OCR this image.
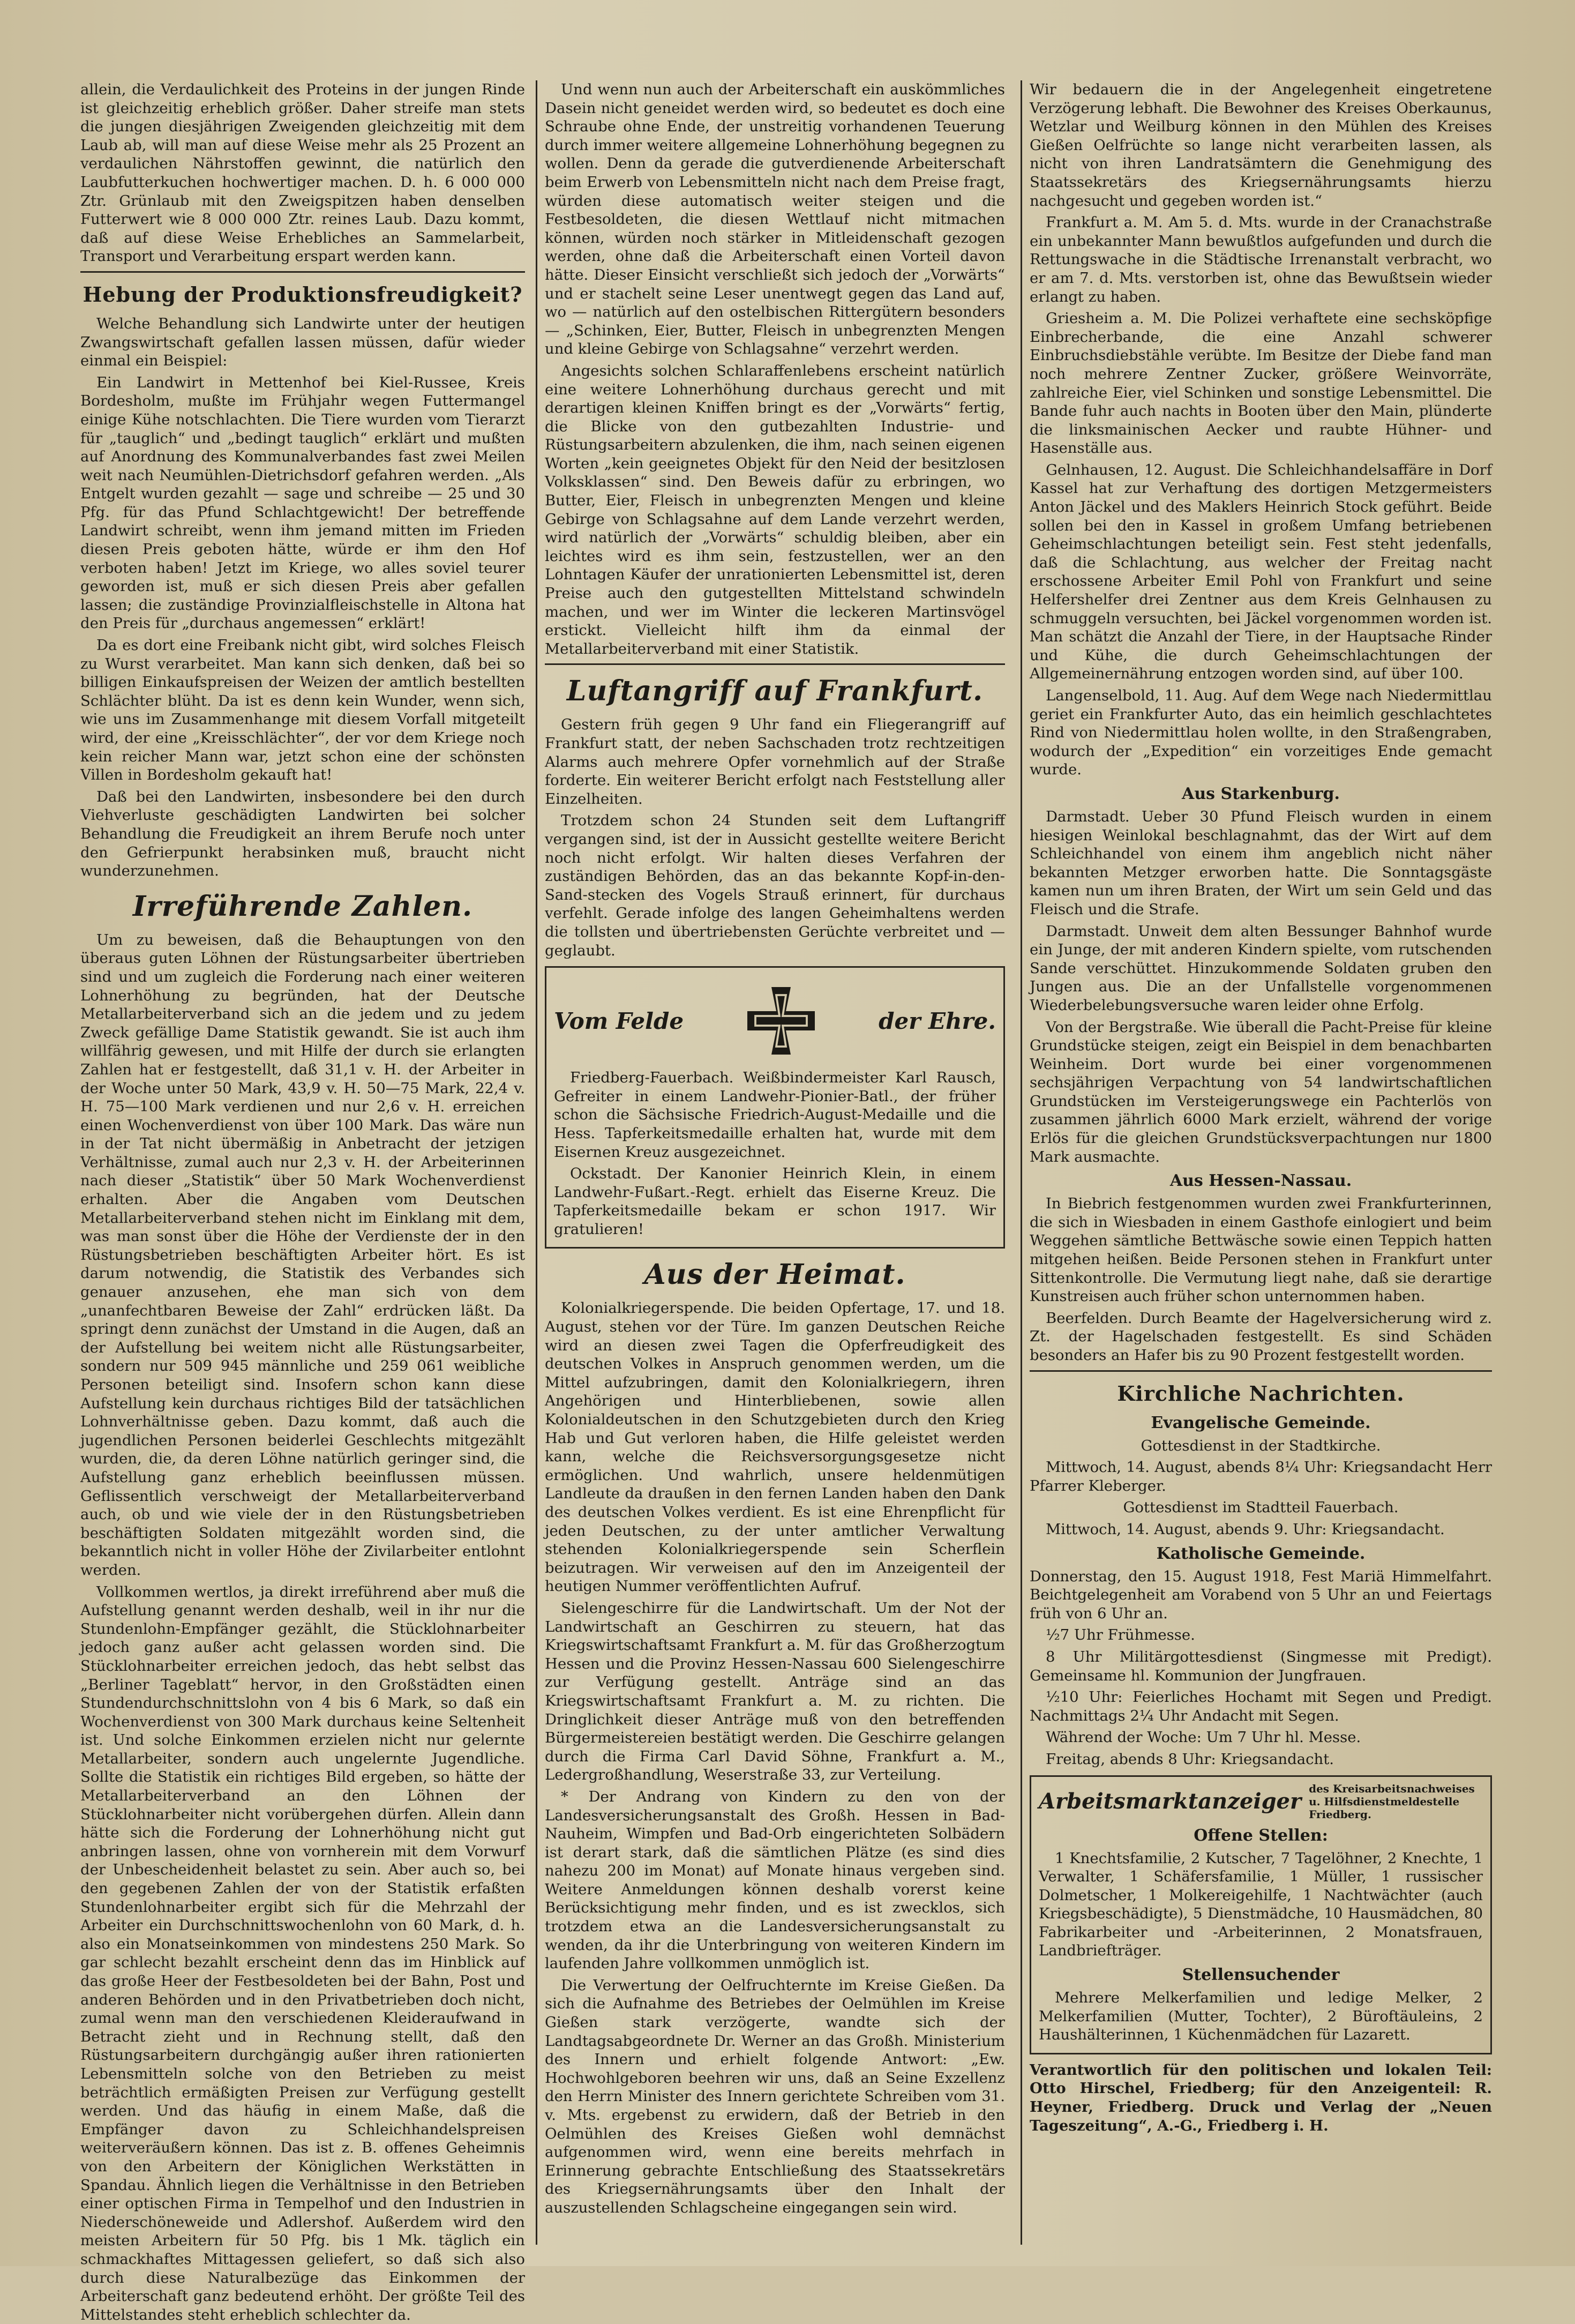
allein, die Verdaulichkeit des Proteins in der jungen Rinde ist gleichzeitig erheblich größer. Daher streife man stets die jungen diesjährigen Zweigenden gleichzeitig mit dem Laub ab, will man auf diese Weise mehr als 25 Prozent an verdaulichen Nährstoffen gewinnt, die natürlich den Laubfutterkuchen hochwertiger machen. D. h. 6 000 000 Ztr. Grünlaub mit den Zweigspitzen haben denselben Futterwert wie 8 000 000 Ztr. reines Laub. Dazu kommt, daß auf diese Weise Erhebliches an Sammelarbeit, Transport und Verarbeitung erspart werden kann.

Hebung der Produktionsfreudigkeit?

Welche Behandlung sich Landwirte unter der heutigen Zwangswirtschaft gefallen lassen müssen, dafür wieder einmal ein Beispiel:

Ein Landwirt in Mettenhof bei Kiel-Russee, Kreis Bordesholm, mußte im Frühjahr wegen Futtermangel einige Kühe notschlachten. Die Tiere wurden vom Tierarzt für „tauglich“ und „bedingt tauglich“ erklärt und mußten auf Anordnung des Kommunalverbandes fast zwei Meilen weit nach Neumühlen-Dietrichsdorf gefahren werden. „Als Entgelt wurden gezahlt — sage und schreibe — 25 und 30 Pfg. für das Pfund Schlachtgewicht! Der betreffende Landwirt schreibt, wenn ihm jemand mitten im Frieden diesen Preis geboten hätte, würde er ihm den Hof verboten haben! Jetzt im Kriege, wo alles soviel teurer geworden ist, muß er sich diesen Preis aber gefallen lassen; die zuständige Provinzialfleischstelle in Altona hat den Preis für „durchaus angemessen“ erklärt!

Da es dort eine Freibank nicht gibt, wird solches Fleisch zu Wurst verarbeitet. Man kann sich denken, daß bei so billigen Einkaufspreisen der Weizen der amtlich bestellten Schlächter blüht. Da ist es denn kein Wunder, wenn sich, wie uns im Zusammenhange mit diesem Vorfall mitgeteilt wird, der eine „Kreisschlächter“, der vor dem Kriege noch kein reicher Mann war, jetzt schon eine der schönsten Villen in Bordesholm gekauft hat!

Daß bei den Landwirten, insbesondere bei den durch Viehverluste geschädigten Landwirten bei solcher Behandlung die Freudigkeit an ihrem Berufe noch unter den Gefrierpunkt herabsinken muß, braucht nicht wunderzunehmen.

Irreführende Zahlen.

Um zu beweisen, daß die Behauptungen von den überaus guten Löhnen der Rüstungsarbeiter übertrieben sind und um zugleich die Forderung nach einer weiteren Lohnerhöhung zu begründen, hat der Deutsche Metallarbeiterverband sich an die jedem und zu jedem Zweck gefällige Dame Statistik gewandt. Sie ist auch ihm willfährig gewesen, und mit Hilfe der durch sie erlangten Zahlen hat er festgestellt, daß 31,1 v. H. der Arbeiter in der Woche unter 50 Mark, 43,9 v. H. 50—75 Mark, 22,4 v. H. 75—100 Mark verdienen und nur 2,6 v. H. erreichen einen Wochenverdienst von über 100 Mark. Das wäre nun in der Tat nicht übermäßig in Anbetracht der jetzigen Verhältnisse, zumal auch nur 2,3 v. H. der Arbeiterinnen nach dieser „Statistik“ über 50 Mark Wochenverdienst erhalten. Aber die Angaben vom Deutschen Metallarbeiterverband stehen nicht im Einklang mit dem, was man sonst über die Höhe der Verdienste der in den Rüstungsbetrieben beschäftigten Arbeiter hört. Es ist darum notwendig, die Statistik des Verbandes sich genauer anzusehen, ehe man sich von dem „unanfechtbaren Beweise der Zahl“ erdrücken läßt. Da springt denn zunächst der Umstand in die Augen, daß an der Aufstellung bei weitem nicht alle Rüstungsarbeiter, sondern nur 509 945 männliche und 259 061 weibliche Personen beteiligt sind. Insofern schon kann diese Aufstellung kein durchaus richtiges Bild der tatsächlichen Lohnverhältnisse geben. Dazu kommt, daß auch die jugendlichen Personen beiderlei Geschlechts mitgezählt wurden, die, da deren Löhne natürlich geringer sind, die Aufstellung ganz erheblich beeinflussen müssen. Geflissentlich verschweigt der Metallarbeiterverband auch, ob und wie viele der in den Rüstungsbetrieben beschäftigten Soldaten mitgezählt worden sind, die bekanntlich nicht in voller Höhe der Zivilarbeiter entlohnt werden.

Vollkommen wertlos, ja direkt irreführend aber muß die Aufstellung genannt werden deshalb, weil in ihr nur die Stundenlohn-Empfänger gezählt, die Stücklohnarbeiter jedoch ganz außer acht gelassen worden sind. Die Stücklohnarbeiter erreichen jedoch, das hebt selbst das „Berliner Tageblatt“ hervor, in den Großstädten einen Stundendurchschnittslohn von 4 bis 6 Mark, so daß ein Wochenverdienst von 300 Mark durchaus keine Seltenheit ist. Und solche Einkommen erzielen nicht nur gelernte Metallarbeiter, sondern auch ungelernte Jugendliche. Sollte die Statistik ein richtiges Bild ergeben, so hätte der Metallarbeiterverband an den Löhnen der Stücklohnarbeiter nicht vorübergehen dürfen. Allein dann hätte sich die Forderung der Lohnerhöhung nicht gut anbringen lassen, ohne von vornherein mit dem Vorwurf der Unbescheidenheit belastet zu sein. Aber auch so, bei den gegebenen Zahlen der von der Statistik erfaßten Stundenlohnarbeiter ergibt sich für die Mehrzahl der Arbeiter ein Durchschnittswochenlohn von 60 Mark, d. h. also ein Monatseinkommen von mindestens 250 Mark. So gar schlecht bezahlt erscheint denn das im Hinblick auf das große Heer der Festbesoldeten bei der Bahn, Post und anderen Behörden und in den Privatbetrieben doch nicht, zumal wenn man den verschiedenen Kleideraufwand in Betracht zieht und in Rechnung stellt, daß den Rüstungsarbeitern durchgängig außer ihren rationierten Lebensmitteln solche von den Betrieben zu meist beträchtlich ermäßigten Preisen zur Verfügung gestellt werden. Und das häufig in einem Maße, daß die Empfänger davon zu Schleichhandelspreisen weiterveräußern können. Das ist z. B. offenes Geheimnis von den Arbeitern der Königlichen Werkstätten in Spandau. Ähnlich liegen die Verhältnisse in den Betrieben einer optischen Firma in Tempelhof und den Industrien in Niederschöneweide und Adlershof. Außerdem wird den meisten Arbeitern für 50 Pfg. bis 1 Mk. täglich ein schmackhaftes Mittagessen geliefert, so daß sich also durch diese Naturalbezüge das Einkommen der Arbeiterschaft ganz bedeutend erhöht. Der größte Teil des Mittelstandes steht erheblich schlechter da.

Und wenn nun auch der Arbeiterschaft ein auskömmliches Dasein nicht geneidet werden wird, so bedeutet es doch eine Schraube ohne Ende, der unstreitig vorhandenen Teuerung durch immer weitere allgemeine Lohnerhöhung begegnen zu wollen. Denn da gerade die gutverdienende Arbeiterschaft beim Erwerb von Lebensmitteln nicht nach dem Preise fragt, würden diese automatisch weiter steigen und die Festbesoldeten, die diesen Wettlauf nicht mitmachen können, würden noch stärker in Mitleidenschaft gezogen werden, ohne daß die Arbeiterschaft einen Vorteil davon hätte. Dieser Einsicht verschließt sich jedoch der „Vorwärts“ und er stachelt seine Leser unentwegt gegen das Land auf, wo — natürlich auf den ostelbischen Rittergütern besonders — „Schinken, Eier, Butter, Fleisch in unbegrenzten Mengen und kleine Gebirge von Schlagsahne“ verzehrt werden.

Angesichts solchen Schlaraffenlebens erscheint natürlich eine weitere Lohnerhöhung durchaus gerecht und mit derartigen kleinen Kniffen bringt es der „Vorwärts“ fertig, die Blicke von den gutbezahlten Industrie- und Rüstungsarbeitern abzulenken, die ihm, nach seinen eigenen Worten „kein geeignetes Objekt für den Neid der besitzlosen Volksklassen“ sind. Den Beweis dafür zu erbringen, wo Butter, Eier, Fleisch in unbegrenzten Mengen und kleine Gebirge von Schlagsahne auf dem Lande verzehrt werden, wird natürlich der „Vorwärts“ schuldig bleiben, aber ein leichtes wird es ihm sein, festzustellen, wer an den Lohntagen Käufer der unrationierten Lebensmittel ist, deren Preise auch den gutgestellten Mittelstand schwindeln machen, und wer im Winter die leckeren Martinsvögel erstickt. Vielleicht hilft ihm da einmal der Metallarbeiterverband mit einer Statistik.

Luftangriff auf Frankfurt.

Gestern früh gegen 9 Uhr fand ein Fliegerangriff auf Frankfurt statt, der neben Sachschaden trotz rechtzeitigen Alarms auch mehrere Opfer vornehmlich auf der Straße forderte. Ein weiterer Bericht erfolgt nach Feststellung aller Einzelheiten.

Trotzdem schon 24 Stunden seit dem Luftangriff vergangen sind, ist der in Aussicht gestellte weitere Bericht noch nicht erfolgt. Wir halten dieses Verfahren der zuständigen Behörden, das an das bekannte Kopf-in-den-Sand-stecken des Vogels Strauß erinnert, für durchaus verfehlt. Gerade infolge des langen Geheimhaltens werden die tollsten und übertriebensten Gerüchte verbreitet und — geglaubt.

Vom Felde	der Ehre.

Friedberg-Fauerbach. Weißbindermeister Karl Rausch, Gefreiter in einem Landwehr-Pionier-Batl., der früher schon die Sächsische Friedrich-August-Medaille und die Hess. Tapferkeitsmedaille erhalten hat, wurde mit dem Eisernen Kreuz ausgezeichnet.

Ockstadt. Der Kanonier Heinrich Klein, in einem Landwehr-Fußart.-Regt. erhielt das Eiserne Kreuz. Die Tapferkeitsmedaille bekam er schon 1917. Wir gratulieren!

Aus der Heimat.

Kolonialkriegerspende. Die beiden Opfertage, 17. und 18. August, stehen vor der Türe. Im ganzen Deutschen Reiche wird an diesen zwei Tagen die Opferfreudigkeit des deutschen Volkes in Anspruch genommen werden, um die Mittel aufzubringen, damit den Kolonialkriegern, ihren Angehörigen und Hinterbliebenen, sowie allen Kolonialdeutschen in den Schutzgebieten durch den Krieg Hab und Gut verloren haben, die Hilfe geleistet werden kann, welche die Reichsversorgungsgesetze nicht ermöglichen. Und wahrlich, unsere heldenmütigen Landleute da draußen in den fernen Landen haben den Dank des deutschen Volkes verdient. Es ist eine Ehrenpflicht für jeden Deutschen, zu der unter amtlicher Verwaltung stehenden Kolonialkriegerspende sein Scherflein beizutragen. Wir verweisen auf den im Anzeigenteil der heutigen Nummer veröffentlichten Aufruf.

Sielengeschirre für die Landwirtschaft. Um der Not der Landwirtschaft an Geschirren zu steuern, hat das Kriegswirtschaftsamt Frankfurt a. M. für das Großherzogtum Hessen und die Provinz Hessen-Nassau 600 Sielengeschirre zur Verfügung gestellt. Anträge sind an das Kriegswirtschaftsamt Frankfurt a. M. zu richten. Die Dringlichkeit dieser Anträge muß von den betreffenden Bürgermeistereien bestätigt werden. Die Geschirre gelangen durch die Firma Carl David Söhne, Frankfurt a. M., Ledergroßhandlung, Weserstraße 33, zur Verteilung.

* Der Andrang von Kindern zu den von der Landesversicherungsanstalt des Großh. Hessen in Bad-Nauheim, Wimpfen und Bad-Orb eingerichteten Solbädern ist derart stark, daß die sämtlichen Plätze (es sind dies nahezu 200 im Monat) auf Monate hinaus vergeben sind. Weitere Anmeldungen können deshalb vorerst keine Berücksichtigung mehr finden, und es ist zwecklos, sich trotzdem etwa an die Landesversicherungsanstalt zu wenden, da ihr die Unterbringung von weiteren Kindern im laufenden Jahre vollkommen unmöglich ist.

Die Verwertung der Oelfruchternte im Kreise Gießen. Da sich die Aufnahme des Betriebes der Oelmühlen im Kreise Gießen stark verzögerte, wandte sich der Landtagsabgeordnete Dr. Werner an das Großh. Ministerium des Innern und erhielt folgende Antwort: „Ew. Hochwohlgeboren beehren wir uns, daß an Seine Exzellenz den Herrn Minister des Innern gerichtete Schreiben vom 31. v. Mts. ergebenst zu erwidern, daß der Betrieb in den Oelmühlen des Kreises Gießen wohl demnächst aufgenommen wird, wenn eine bereits mehrfach in Erinnerung gebrachte Entschließung des Staatssekretärs des Kriegsernährungsamts über den Inhalt der auszustellenden Schlagscheine eingegangen sein wird.

Wir bedauern die in der Angelegenheit eingetretene Verzögerung lebhaft. Die Bewohner des Kreises Oberkaunus, Wetzlar und Weilburg können in den Mühlen des Kreises Gießen Oelfrüchte so lange nicht verarbeiten lassen, als nicht von ihren Landratsämtern die Genehmigung des Staatssekretärs des Kriegsernährungsamts hierzu nachgesucht und gegeben worden ist.“

Frankfurt a. M. Am 5. d. Mts. wurde in der Cranachstraße ein unbekannter Mann bewußtlos aufgefunden und durch die Rettungswache in die Städtische Irrenanstalt verbracht, wo er am 7. d. Mts. verstorben ist, ohne das Bewußtsein wieder erlangt zu haben.

Griesheim a. M. Die Polizei verhaftete eine sechsköpfige Einbrecherbande, die eine Anzahl schwerer Einbruchsdiebstähle verübte. Im Besitze der Diebe fand man noch mehrere Zentner Zucker, größere Weinvorräte, zahlreiche Eier, viel Schinken und sonstige Lebensmittel. Die Bande fuhr auch nachts in Booten über den Main, plünderte die linksmainischen Aecker und raubte Hühner- und Hasenställe aus.

Gelnhausen, 12. August. Die Schleichhandelsaffäre in Dorf Kassel hat zur Verhaftung des dortigen Metzgermeisters Anton Jäckel und des Maklers Heinrich Stock geführt. Beide sollen bei den in Kassel in großem Umfang betriebenen Geheimschlachtungen beteiligt sein. Fest steht jedenfalls, daß die Schlachtung, aus welcher der Freitag nacht erschossene Arbeiter Emil Pohl von Frankfurt und seine Helfershelfer drei Zentner aus dem Kreis Gelnhausen zu schmuggeln versuchten, bei Jäckel vorgenommen worden ist. Man schätzt die Anzahl der Tiere, in der Hauptsache Rinder und Kühe, die durch Geheimschlachtungen der Allgemeinernährung entzogen worden sind, auf über 100.

Langenselbold, 11. Aug. Auf dem Wege nach Niedermittlau geriet ein Frankfurter Auto, das ein heimlich geschlachtetes Rind von Niedermittlau holen wollte, in den Straßengraben, wodurch der „Expedition“ ein vorzeitiges Ende gemacht wurde.

Aus Starkenburg.

Darmstadt. Ueber 30 Pfund Fleisch wurden in einem hiesigen Weinlokal beschlagnahmt, das der Wirt auf dem Schleichhandel von einem ihm angeblich nicht näher bekannten Metzger erworben hatte. Die Sonntagsgäste kamen nun um ihren Braten, der Wirt um sein Geld und das Fleisch und die Strafe.

Darmstadt. Unweit dem alten Bessunger Bahnhof wurde ein Junge, der mit anderen Kindern spielte, vom rutschenden Sande verschüttet. Hinzukommende Soldaten gruben den Jungen aus. Die an der Unfallstelle vorgenommenen Wiederbelebungsversuche waren leider ohne Erfolg.

Von der Bergstraße. Wie überall die Pacht-Preise für kleine Grundstücke steigen, zeigt ein Beispiel in dem benachbarten Weinheim. Dort wurde bei einer vorgenommenen sechsjährigen Verpachtung von 54 landwirtschaftlichen Grundstücken im Versteigerungswege ein Pachterlös von zusammen jährlich 6000 Mark erzielt, während der vorige Erlös für die gleichen Grundstücksverpachtungen nur 1800 Mark ausmachte.

Aus Hessen-Nassau.

In Biebrich festgenommen wurden zwei Frankfurterinnen, die sich in Wiesbaden in einem Gasthofe einlogiert und beim Weggehen sämtliche Bettwäsche sowie einen Teppich hatten mitgehen heißen. Beide Personen stehen in Frankfurt unter Sittenkontrolle. Die Vermutung liegt nahe, daß sie derartige Kunstreisen auch früher schon unternommen haben.

Beerfelden. Durch Beamte der Hagelversicherung wird z. Zt. der Hagelschaden festgestellt. Es sind Schäden besonders an Hafer bis zu 90 Prozent festgestellt worden.

Kirchliche Nachrichten.
Evangelische Gemeinde.

Gottesdienst in der Stadtkirche.

Mittwoch, 14. August, abends 8¼ Uhr: Kriegsandacht Herr Pfarrer Kleberger.

Gottesdienst im Stadtteil Fauerbach.

Mittwoch, 14. August, abends 9. Uhr: Kriegsandacht.

Katholische Gemeinde.

Donnerstag, den 15. August 1918, Fest Mariä Himmelfahrt. Beichtgelegenheit am Vorabend von 5 Uhr an und Feiertags früh von 6 Uhr an.

½7 Uhr Frühmesse.

8 Uhr Militärgottesdienst (Singmesse mit Predigt). Gemeinsame hl. Kommunion der Jungfrauen.

½10 Uhr: Feierliches Hochamt mit Segen und Predigt. Nachmittags 2¼ Uhr Andacht mit Segen.

Während der Woche: Um 7 Uhr hl. Messe.

Freitag, abends 8 Uhr: Kriegsandacht.

Arbeitsmarktanzeiger
des Kreisarbeitsnachweises u. Hilfsdienstmeldestelle Friedberg.
Offene Stellen:

1 Knechtsfamilie, 2 Kutscher, 7 Tagelöhner, 2 Knechte, 1 Verwalter, 1 Schäfersfamilie, 1 Müller, 1 russischer Dolmetscher, 1 Molkereigehilfe, 1 Nachtwächter (auch Kriegsbeschädigte), 5 Dienstmädche, 10 Hausmädchen, 80 Fabrikarbeiter und -Arbeiterinnen, 2 Monatsfrauen, Landbriefträger.

Stellensuchender

Mehrere Melkerfamilien und ledige Melker, 2 Melkerfamilien (Mutter, Tochter), 2 Büroftäuleins, 2 Haushälterinnen, 1 Küchenmädchen für Lazarett.

Verantwortlich für den politischen und lokalen Teil: Otto Hirschel, Friedberg; für den Anzeigenteil: R. Heyner, Friedberg. Druck und Verlag der „Neuen Tageszeitung“, A.-G., Friedberg i. H.
